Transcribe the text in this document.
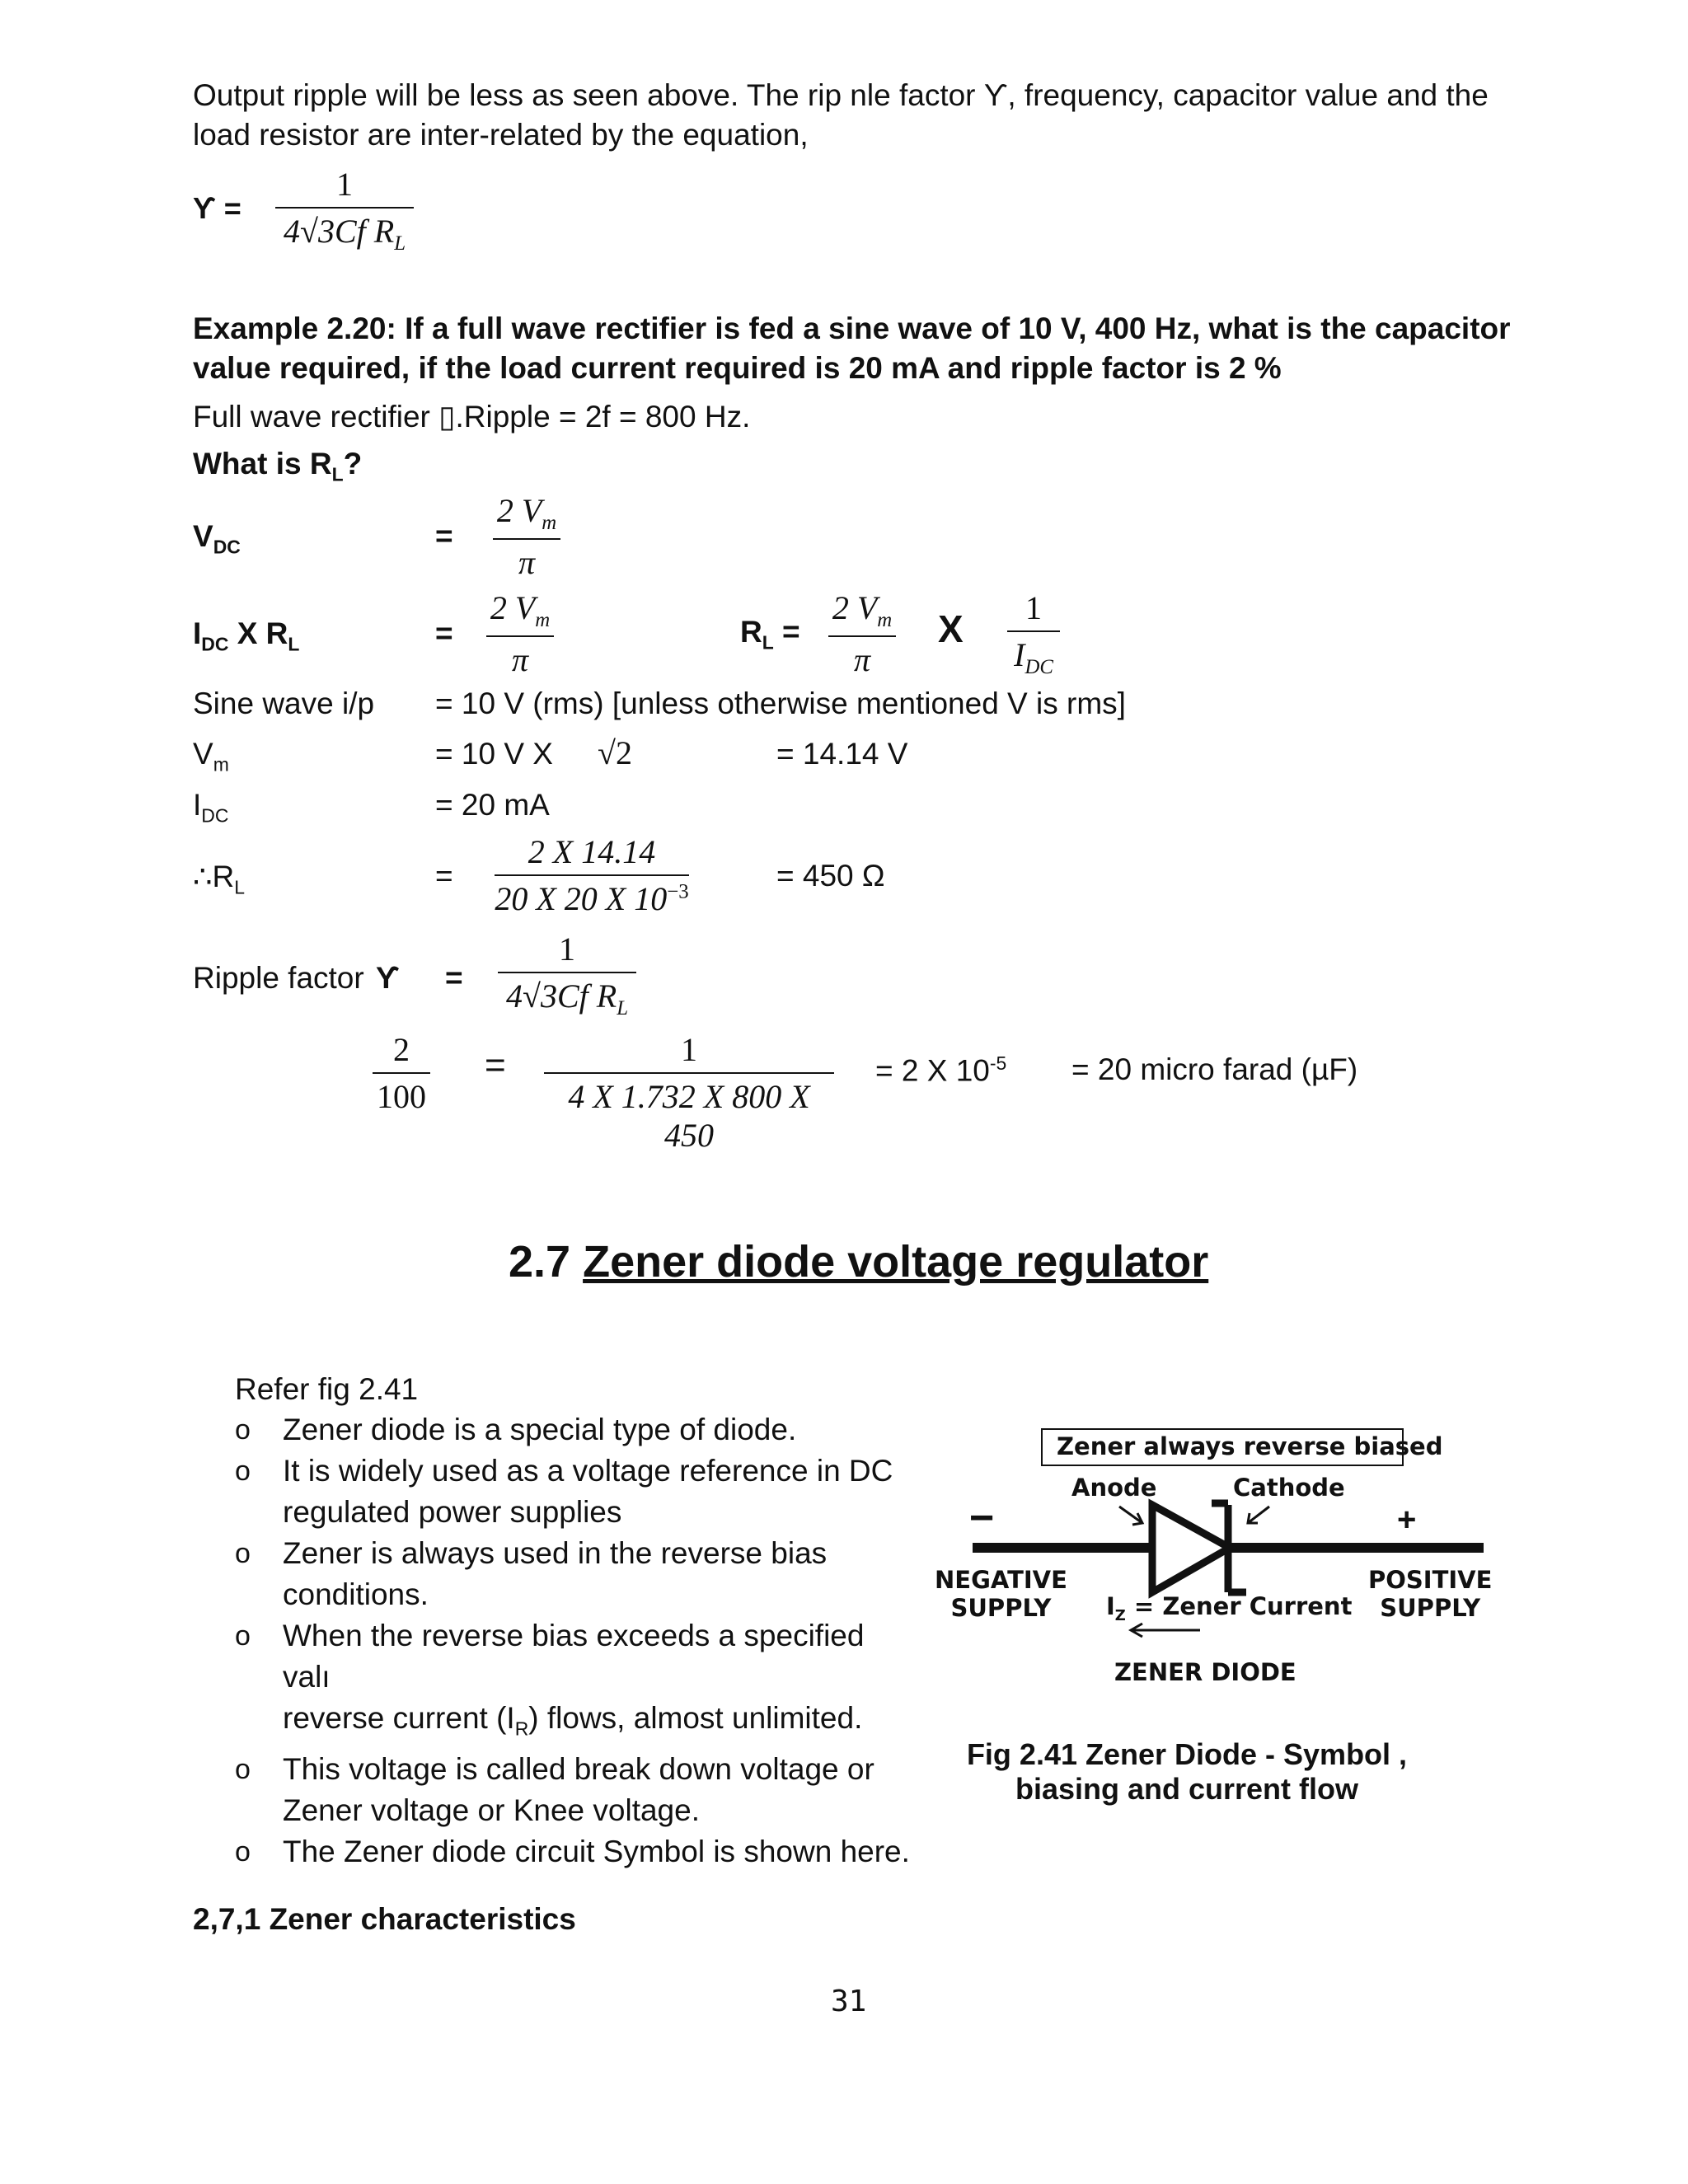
Output ripple will be less as seen above. The rip nle factor ϒ, frequency, capacitor value and the
load resistor are inter-related by the equation,
ϒ =
1
4√3Cf $R_L$
Example 2.20: If a full wave rectifier is fed a sine wave of 10 V, 400 Hz, what is the capacitor
value required, if the load current required is 20 mA and ripple factor is 2 %
Full wave rectifier ▯.Ripple = 2f = 800 Hz.
What is $R_L$?
$V_{DC}$	=
2 $V_m$
π
$I_{DC}$ X $R_L$	=
2 $V_m$
π
$R_L$ =
2 $V_m$
π
X	1
$I_{DC}$
Sine wave i/p = 10 V (rms) [unless otherwise mentioned V is rms]
$V_m$	= 10 V X √2	= 14.14 V
$I_{DC}$	= 20 mA
$\therefore R_L$	=
2 X 14.14
20 X 20 X $10^{-3}$	= 450 Ω
Ripple factor ϒ =
1
4√3Cf $R_L$
2
100
=	1
4 X 1.732 X 800 X 450
= 2 X $10^{-5} = 20$ micro farad (µF)
2.7 Zener diode voltage regulator
Refer fig 2.41
o Zener diode is a special type of diode.
o It is widely used as a voltage reference in DC
regulated power supplies
o Zener is always used in the reverse bias
conditions.
o When the reverse bias exceeds a specified valı
reverse current $(I_R)$ flows, almost unlimited.
o This voltage is called break down voltage or
Zener voltage or Knee voltage.
o The Zener diode circuit Symbol is shown here.
Zener always reverse biased
Anode	Cathode
−	+
NEGATIVE
SUPPLY
POSITIVE
SUPPLY
$I_Z$ = Zener Current
ZENER DIODE
Fig 2.41 Zener Diode - Symbol ,
biasing and current flow
2,7,1 Zener characteristics
31
